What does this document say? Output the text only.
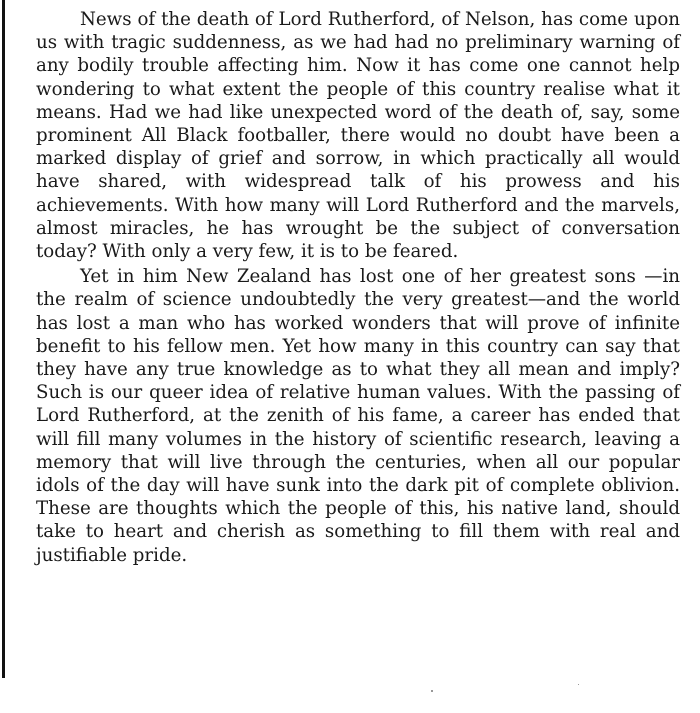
News of the death of Lord Rutherford, of Nelson, has come upon us with tragic suddenness, as we had had no preliminary warning of any bodily trouble affecting him. Now it has come one cannot help wondering to what extent the people of this country realise what it means. Had we had like unexpected word of the death of, say, some prominent All Black footballer, there would no doubt have been a marked display of grief and sorrow, in which practically all would have shared, with widespread talk of his prowess and his achievements. With how many will Lord Rutherford and the marvels, almost miracles, he has wrought be the subject of conversation today? With only a very few, it is to be feared.

Yet in him New Zealand has lost one of her greatest sons —in the realm of science undoubtedly the very greatest—and the world has lost a man who has worked wonders that will prove of infinite benefit to his fellow men. Yet how many in this country can say that they have any true knowledge as to what they all mean and imply? Such is our queer idea of relative human values. With the passing of Lord Rutherford, at the zenith of his fame, a career has ended that will fill many volumes in the history of scientific research, leaving a memory that will live through the centuries, when all our popular idols of the day will have sunk into the dark pit of complete oblivion. These are thoughts which the people of this, his native land, should take to heart and cherish as something to fill them with real and justifiable pride.
